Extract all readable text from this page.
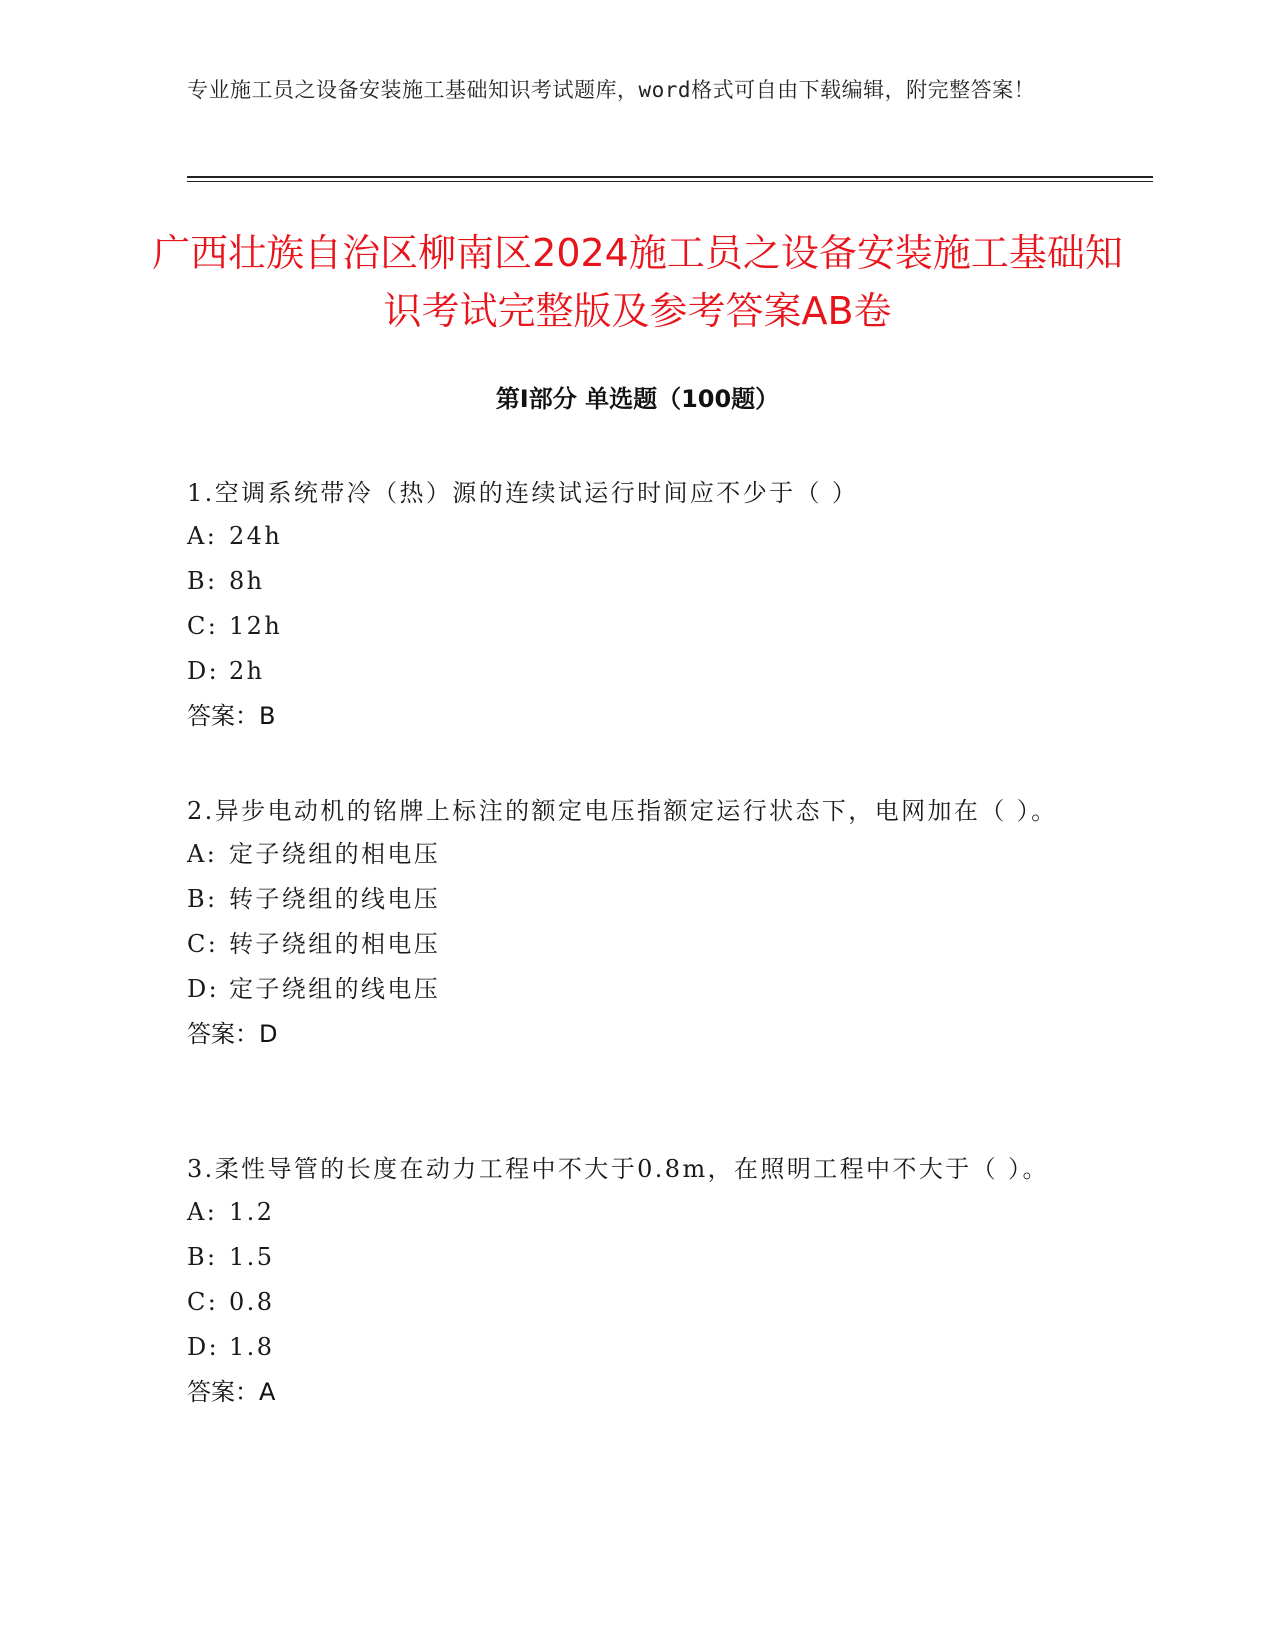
专业施工员之设备安装施工基础知识考试题库，word格式可自由下载编辑，附完整答案！
广西壮族自治区柳南区2024施工员之设备安装施工基础知识考试完整版及参考答案AB卷
第Ⅰ部分 单选题（100题）

1.空调系统带冷（热）源的连续试运行时间应不少于（ ）

A: 24h

B: 8h

C: 12h

D: 2h

答案：B

2.异步电动机的铭牌上标注的额定电压指额定运行状态下，电网加在（ ）。

A: 定子绕组的相电压

B: 转子绕组的线电压

C: 转子绕组的相电压

D: 定子绕组的线电压

答案：D

3.柔性导管的长度在动力工程中不大于0.8m，在照明工程中不大于（ ）。

A: 1.2

B: 1.5

C: 0.8

D: 1.8

答案：A
